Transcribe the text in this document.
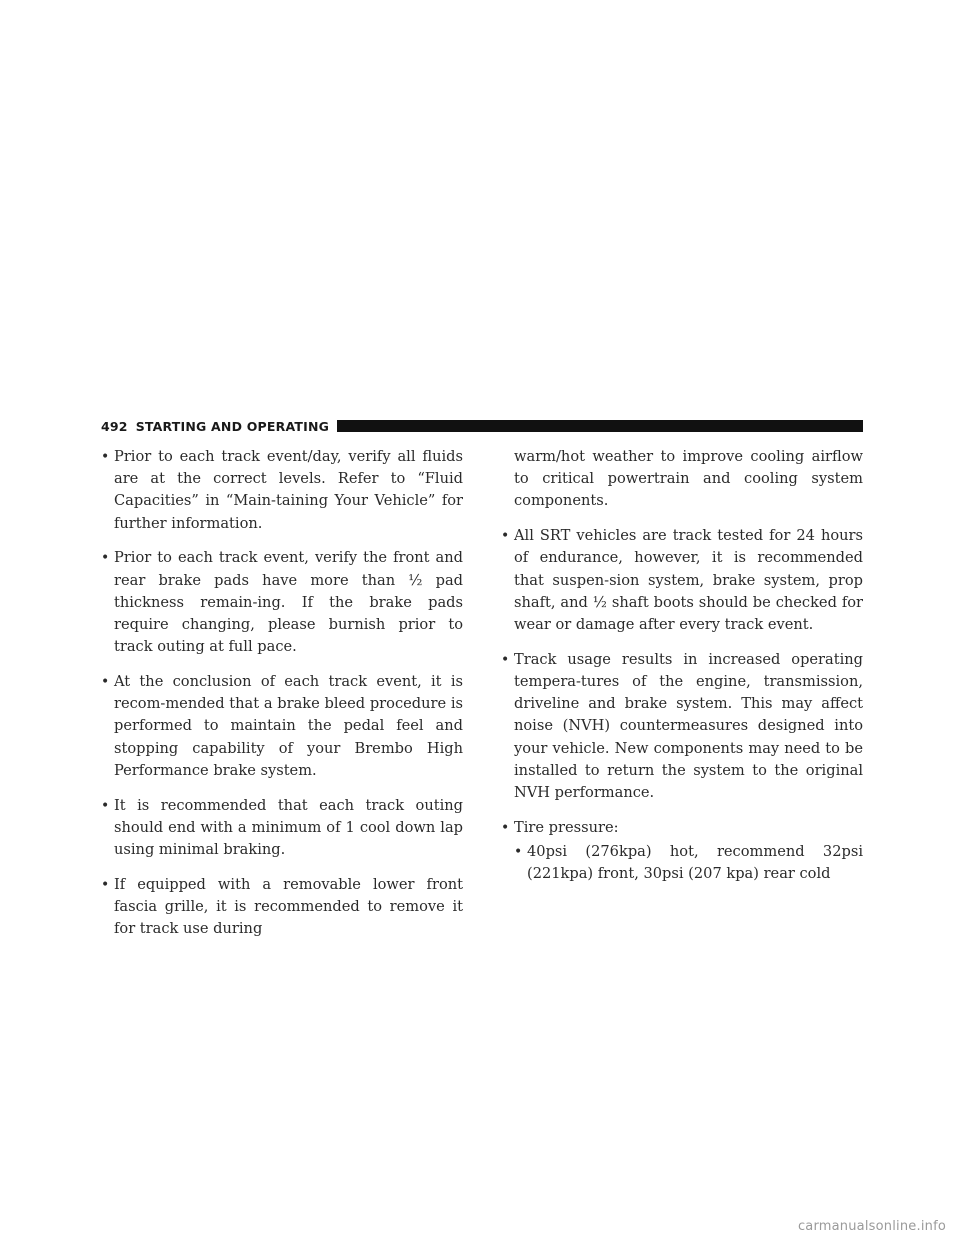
492 STARTING AND OPERATING

• Prior to each track event/day, verify all fluids are at the correct levels. Refer to “Fluid Capacities” in “Main-taining Your Vehicle” for further information.

• Prior to each track event, verify the front and rear brake pads have more than ½ pad thickness remain-ing. If the brake pads require changing, please burnish prior to track outing at full pace.

• At the conclusion of each track event, it is recom-mended that a brake bleed procedure is performed to maintain the pedal feel and stopping capability of your Brembo High Performance brake system.

• It is recommended that each track outing should end with a minimum of 1 cool down lap using minimal braking.

• If equipped with a removable lower front fascia grille, it is recommended to remove it for track use during

warm/hot weather to improve cooling airflow to critical powertrain and cooling system components.

• All SRT vehicles are track tested for 24 hours of endurance, however, it is recommended that suspen-sion system, brake system, prop shaft, and ½ shaft boots should be checked for wear or damage after every track event.

• Track usage results in increased operating tempera-tures of the engine, transmission, driveline and brake system. This may affect noise (NVH) countermeasures designed into your vehicle. New components may need to be installed to return the system to the original NVH performance.

• Tire pressure:

• 40psi (276kpa) hot, recommend 32psi (221kpa) front, 30psi (207 kpa) rear cold

carmanualsonline.info
